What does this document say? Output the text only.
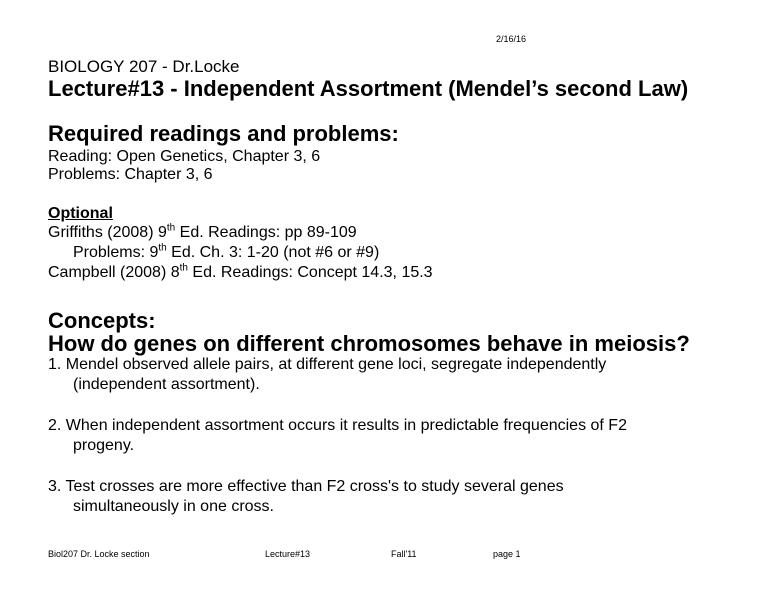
2/16/16
BIOLOGY 207 - Dr.Locke
Lecture#13 - Independent Assortment (Mendel’s second Law)
Required readings and problems:
Reading: Open Genetics, Chapter 3, 6
Problems: Chapter 3, 6
Optional
Griffiths (2008) 9th Ed. Readings: pp 89-109
Problems: 9th Ed. Ch. 3: 1-20 (not #6 or #9)
Campbell (2008) 8th Ed. Readings: Concept 14.3, 15.3
Concepts:
How do genes on different chromosomes behave in meiosis?
1. Mendel observed allele pairs, at different gene loci, segregate independently
(independent assortment).
2. When independent assortment occurs it results in predictable frequencies of F2
progeny.
3. Test crosses are more effective than F2 cross's to study several genes
simultaneously in one cross.
Biol207 Dr. Locke section	Lecture#13	Fall'11	page 1
